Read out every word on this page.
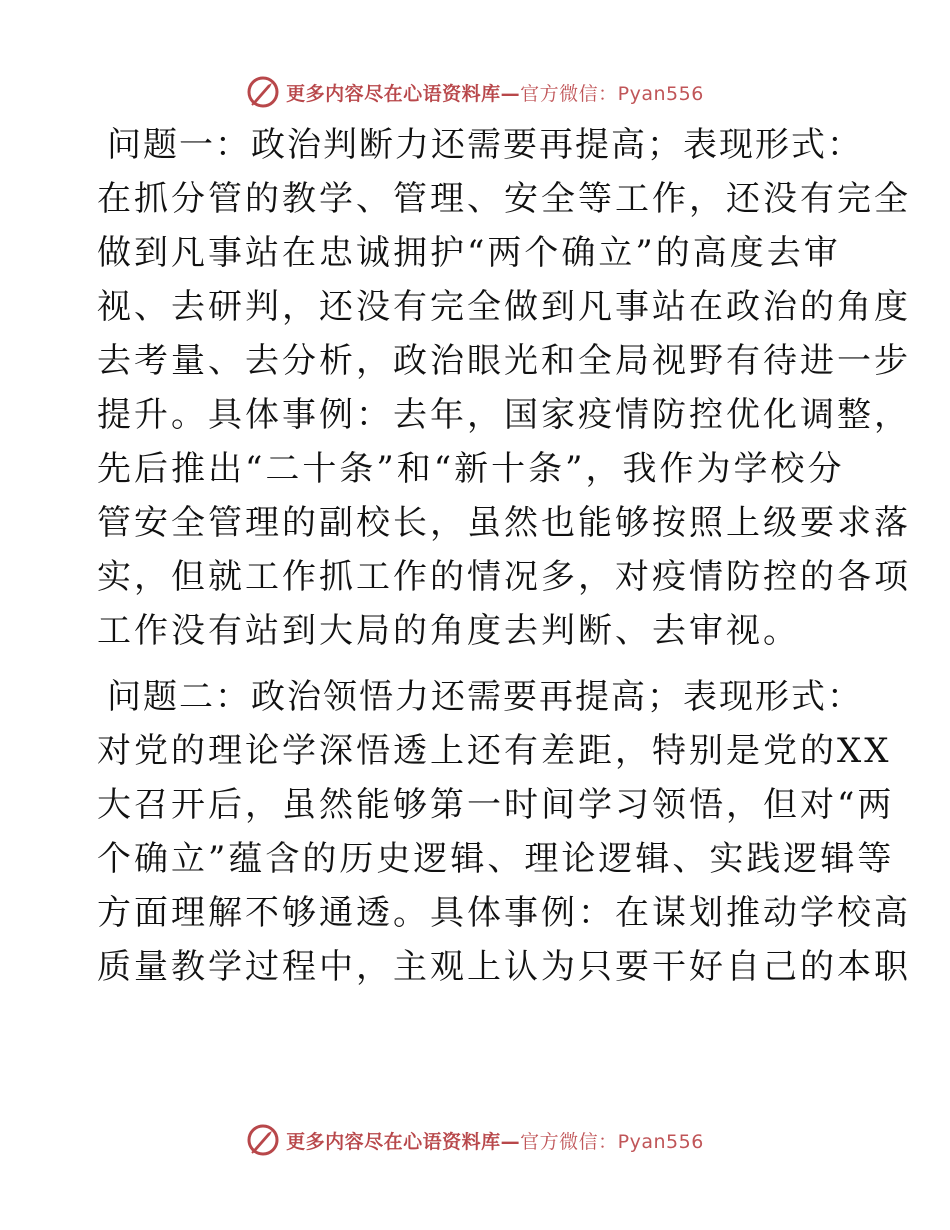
更多内容尽在心语资料库—官方微信：Pyan556
问题一：政治判断力还需要再提高；表现形式：
在抓分管的教学、管理、安全等工作，还没有完全
做到凡事站在忠诚拥护“两个确立”的高度去审
视、去研判，还没有完全做到凡事站在政治的角度
去考量、去分析，政治眼光和全局视野有待进一步
提升。具体事例：去年，国家疫情防控优化调整，
先后推出“二十条”和“新十条”，我作为学校分
管安全管理的副校长，虽然也能够按照上级要求落
实，但就工作抓工作的情况多，对疫情防控的各项
工作没有站到大局的角度去判断、去审视。
问题二：政治领悟力还需要再提高；表现形式：
对党的理论学深悟透上还有差距，特别是党的XX
大召开后，虽然能够第一时间学习领悟，但对“两
个确立”蕴含的历史逻辑、理论逻辑、实践逻辑等
方面理解不够通透。具体事例：在谋划推动学校高
质量教学过程中，主观上认为只要干好自己的本职
更多内容尽在心语资料库—官方微信：Pyan556
